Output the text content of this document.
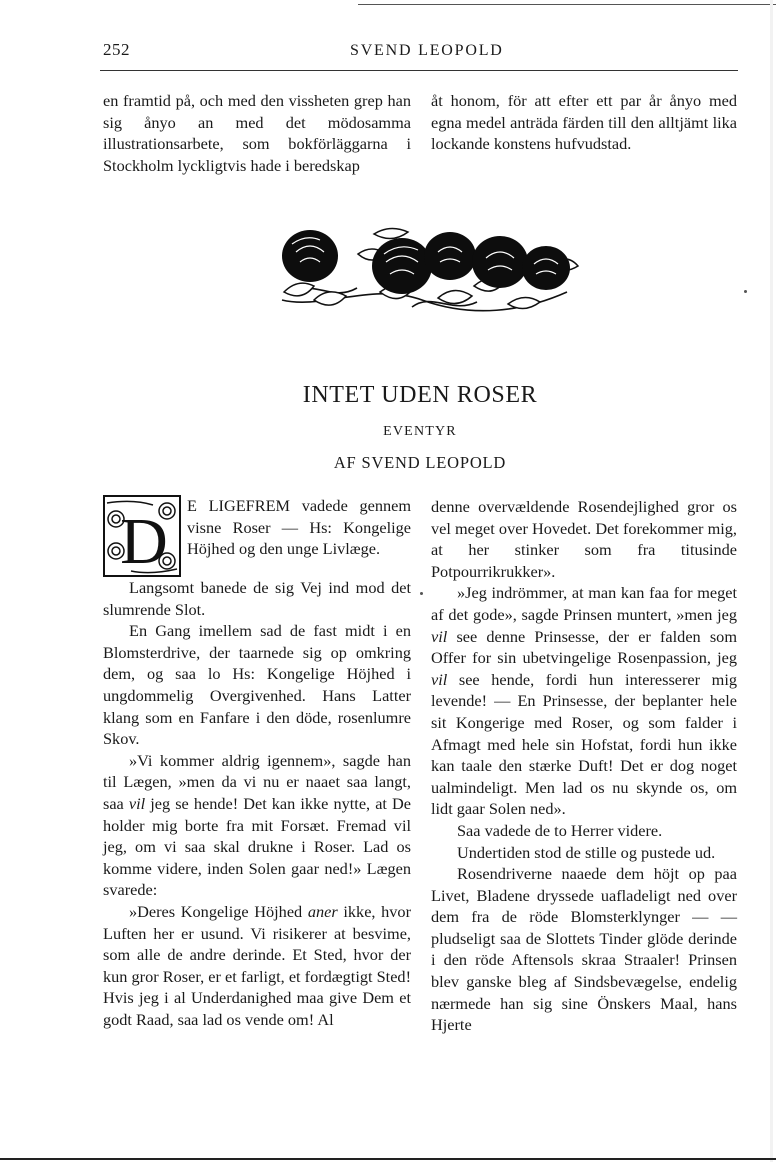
252	SVEND LEOPOLD

en framtid på, och med den vissheten grep han sig ånyo an med det mödosamma illustrationsarbete, som bokförläggarna i Stockholm lyckligtvis hade i beredskap

åt honom, för att efter ett par år ånyo med egna medel anträda färden till den alltjämt lika lockande konstens hufvudstad.

INTET UDEN ROSER
EVENTYR
AF SVEND LEOPOLD
D	E LIGEFREM vadede gennem visne Roser — Hs: Kongelige Höjhed og den unge Livlæge.

Langsomt banede de sig Vej ind mod det slumrende Slot.

En Gang imellem sad de fast midt i en Blomsterdrive, der taarnede sig op omkring dem, og saa lo Hs: Kongelige Höjhed i ungdommelig Overgivenhed. Hans Latter klang som en Fanfare i den döde, rosenlumre Skov.

»Vi kommer aldrig igennem», sagde han til Lægen, »men da vi nu er naaet saa langt, saa vil jeg se hende! Det kan ikke nytte, at De holder mig borte fra mit Forsæt. Fremad vil jeg, om vi saa skal drukne i Roser. Lad os komme videre, inden Solen gaar ned!» Lægen svarede:

»Deres Kongelige Höjhed aner ikke, hvor Luften her er usund. Vi risikerer at besvime, som alle de andre derinde. Et Sted, hvor der kun gror Roser, er et farligt, et fordægtigt Sted! Hvis jeg i al Underdanighed maa give Dem et godt Raad, saa lad os vende om! Al

denne overvældende Rosendejlighed gror os vel meget over Hovedet. Det forekommer mig, at her stinker som fra titusinde Potpourrikrukker».

»Jeg indrömmer, at man kan faa for meget af det gode», sagde Prinsen muntert, »men jeg vil see denne Prinsesse, der er falden som Offer for sin ubetvingelige Rosenpassion, jeg vil see hende, fordi hun interesserer mig levende! — En Prinsesse, der beplanter hele sit Kongerige med Roser, og som falder i Afmagt med hele sin Hofstat, fordi hun ikke kan taale den stærke Duft! Det er dog noget ualmindeligt. Men lad os nu skynde os, om lidt gaar Solen ned».

Saa vadede de to Herrer videre.

Undertiden stod de stille og pustede ud.

Rosendriverne naaede dem höjt op paa Livet, Bladene dryssede uafladeligt ned over dem fra de röde Blomsterklynger — — pludseligt saa de Slottets Tinder glöde derinde i den röde Aftensols skraa Straaler! Prinsen blev ganske bleg af Sindsbevægelse, endelig nærmede han sig sine Önskers Maal, hans Hjerte
